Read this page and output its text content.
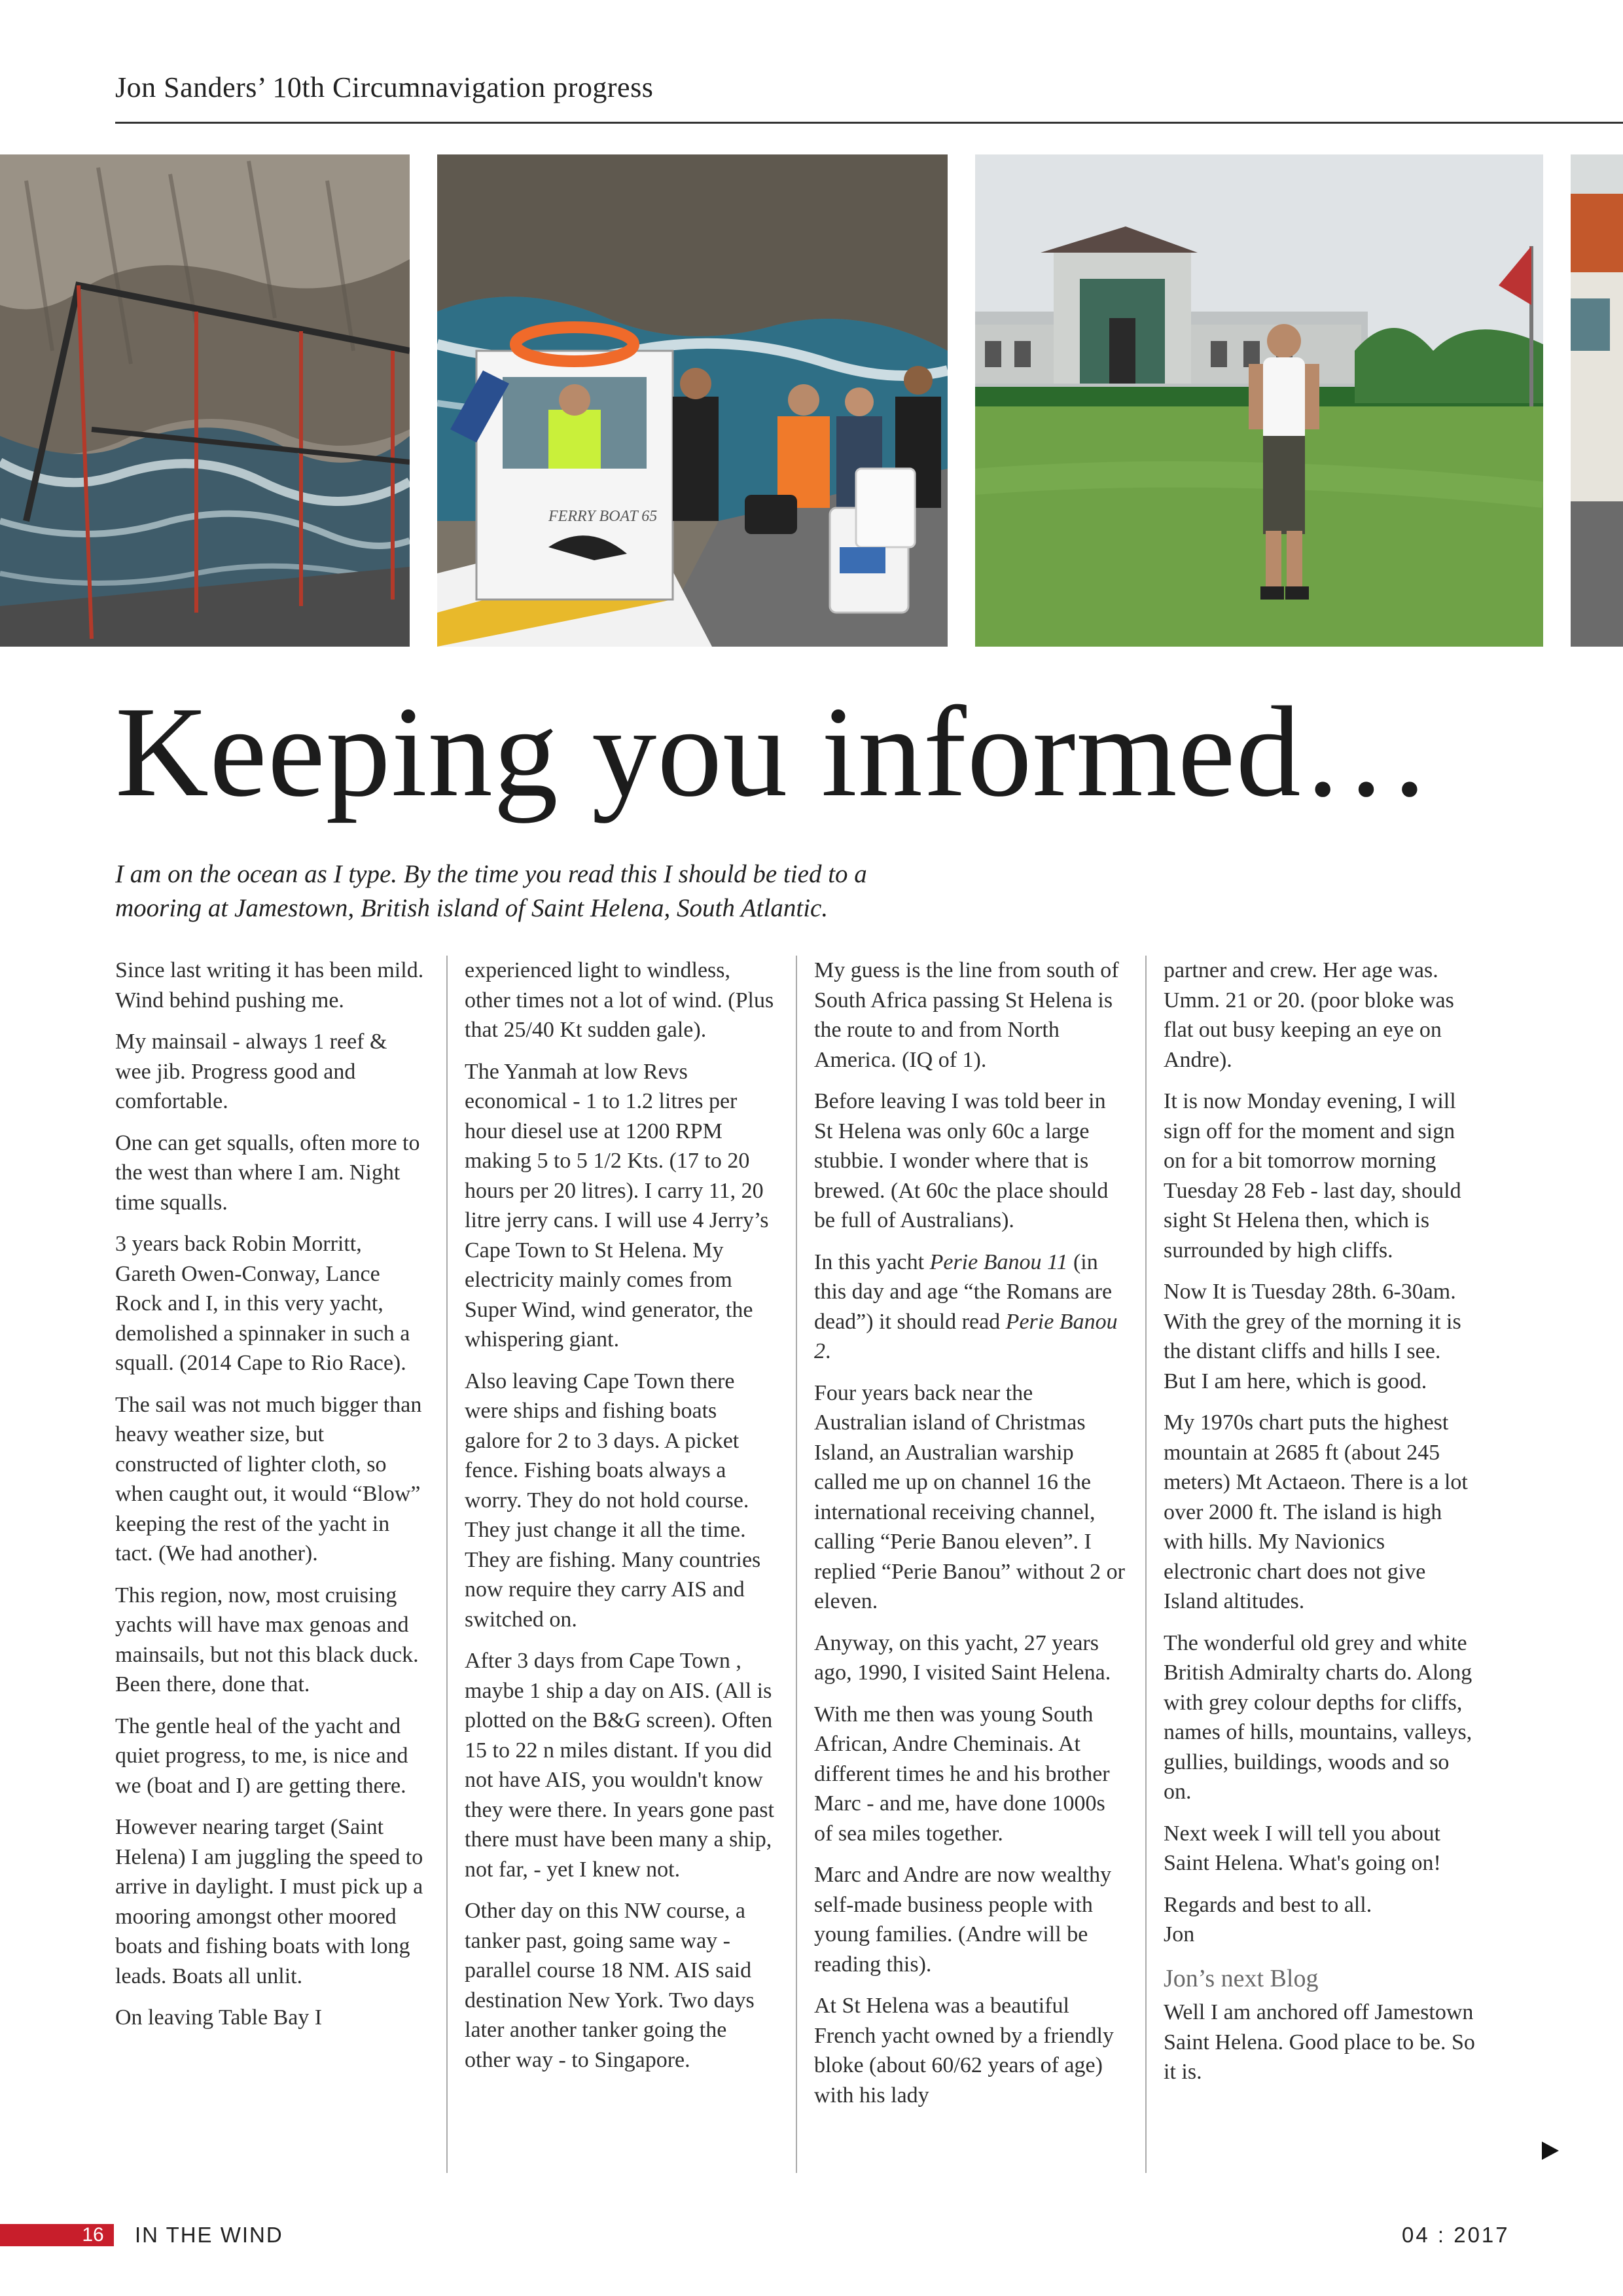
Jon Sanders’ 10th Circumnavigation progress
FERRY BOAT 65
Keeping you informed…
I am on the ocean as I type. By the time you read this I should be tied to a
mooring at Jamestown, British island of Saint Helena, South Atlantic.

Since last writing it has been mild. Wind behind pushing me.

My mainsail - always 1 reef & wee jib. Progress good and comfortable.

One can get squalls, often more to the west than where I am. Night time squalls.

3 years back Robin Morritt, Gareth Owen-Conway, Lance Rock and I, in this very yacht, demolished a spinnaker in such a squall. (2014 Cape to Rio Race).

The sail was not much bigger than heavy weather size, but constructed of lighter cloth, so when caught out, it would “Blow” keeping the rest of the yacht in tact. (We had another).

This region, now, most cruising yachts will have max genoas and mainsails, but not this black duck. Been there, done that.

The gentle heal of the yacht and quiet progress, to me, is nice and we (boat and I) are getting there.

However nearing target (Saint Helena) I am juggling the speed to arrive in daylight. I must pick up a mooring amongst other moored boats and fishing boats with long leads. Boats all unlit.

On leaving Table Bay I

experienced light to windless, other times not a lot of wind. (Plus that 25/40 Kt sudden gale).

The Yanmah at low Revs economical - 1 to 1.2 litres per hour diesel use at 1200 RPM making 5 to 5 1/2 Kts. (17 to 20 hours per 20 litres). I carry 11, 20 litre jerry cans. I will use 4 Jerry’s Cape Town to St Helena. My electricity mainly comes from Super Wind, wind generator, the whispering giant.

Also leaving Cape Town there were ships and fishing boats galore for 2 to 3 days. A picket fence. Fishing boats always a worry. They do not hold course. They just change it all the time. They are fishing. Many countries now require they carry AIS and switched on.

After 3 days from Cape Town , maybe 1 ship a day on AIS. (All is plotted on the B&G screen). Often 15 to 22 n miles distant. If you did not have AIS, you wouldn't know they were there. In years gone past there must have been many a ship, not far, - yet I knew not.

Other day on this NW course, a tanker past, going same way - parallel course 18 NM. AIS said destination New York. Two days later another tanker going the other way - to Singapore.

My guess is the line from south of South Africa passing St Helena is the route to and from North America. (IQ of 1).

Before leaving I was told beer in St Helena was only 60c a large stubbie. I wonder where that is brewed. (At 60c the place should be full of Australians).

In this yacht Perie Banou 11 (in this day and age “the Romans are dead”) it should read Perie Banou 2.

Four years back near the Australian island of Christmas Island, an Australian warship called me up on channel 16 the international receiving channel, calling “Perie Banou eleven”. I replied “Perie Banou” without 2 or eleven.

Anyway, on this yacht, 27 years ago, 1990, I visited Saint Helena.

With me then was young South African, Andre Cheminais. At different times he and his brother Marc - and me, have done 1000s of sea miles together.

Marc and Andre are now wealthy self-made business people with young families. (Andre will be reading this).

At St Helena was a beautiful French yacht owned by a friendly bloke (about 60/62 years of age) with his lady

partner and crew. Her age was. Umm. 21 or 20. (poor bloke was flat out busy keeping an eye on Andre).

It is now Monday evening, I will sign off for the moment and sign on for a bit tomorrow morning Tuesday 28 Feb - last day, should sight St Helena then, which is surrounded by high cliffs.

Now It is Tuesday 28th. 6-30am. With the grey of the morning it is the distant cliffs and hills I see. But I am here, which is good.

My 1970s chart puts the highest mountain at 2685 ft (about 245 meters) Mt Actaeon. There is a lot over 2000 ft. The island is high with hills. My Navionics electronic chart does not give Island altitudes.

The wonderful old grey and white British Admiralty charts do. Along with grey colour depths for cliffs, names of hills, mountains, valleys, gullies, buildings, woods and so on.

Next week I will tell you about Saint Helena. What's going on!

Regards and best to all.
Jon

Jon’s next Blog

Well I am anchored off Jamestown Saint Helena. Good place to be. So it is.

16	IN THE WIND	04 : 2017
